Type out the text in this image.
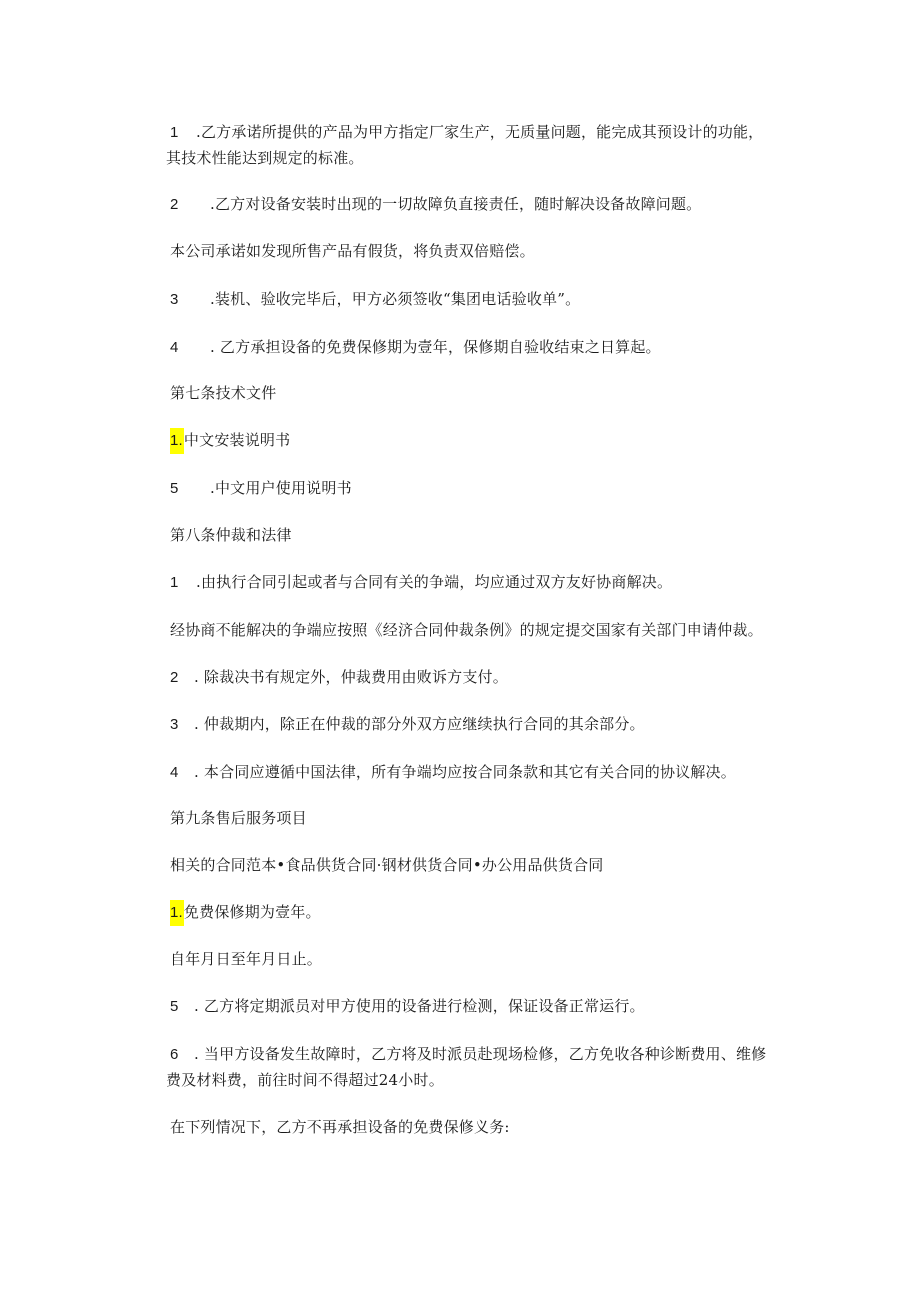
1 .乙方承诺所提供的产品为甲方指定厂家生产，无质量问题，能完成其预设计的功能，
其技术性能达到规定的标准。
2 .乙方对设备安装时出现的一切故障负直接责任，随时解决设备故障问题。
本公司承诺如发现所售产品有假货，将负责双倍赔偿。
3 .装机、验收完毕后，甲方必须签收“集团电话验收单”。
4 . 乙方承担设备的免费保修期为壹年，保修期自验收结束之日算起。
第七条技术文件
1.中文安装说明书
5 .中文用户使用说明书
第八条仲裁和法律
1 .由执行合同引起或者与合同有关的争端，均应通过双方友好协商解决。
经协商不能解决的争端应按照《经济合同仲裁条例》的规定提交国家有关部门申请仲裁。
2 . 除裁决书有规定外，仲裁费用由败诉方支付。
3 . 仲裁期内，除正在仲裁的部分外双方应继续执行合同的其余部分。
4 . 本合同应遵循中国法律，所有争端均应按合同条款和其它有关合同的协议解决。
第九条售后服务项目
相关的合同范本•食品供货合同·钢材供货合同•办公用品供货合同
1.免费保修期为壹年。
自年月日至年月日止。
5 . 乙方将定期派员对甲方使用的设备进行检测，保证设备正常运行。
6 . 当甲方设备发生故障时，乙方将及时派员赴现场检修，乙方免收各种诊断费用、维修
费及材料费，前往时间不得超过24小时。
在下列情况下，乙方不再承担设备的免费保修义务:
